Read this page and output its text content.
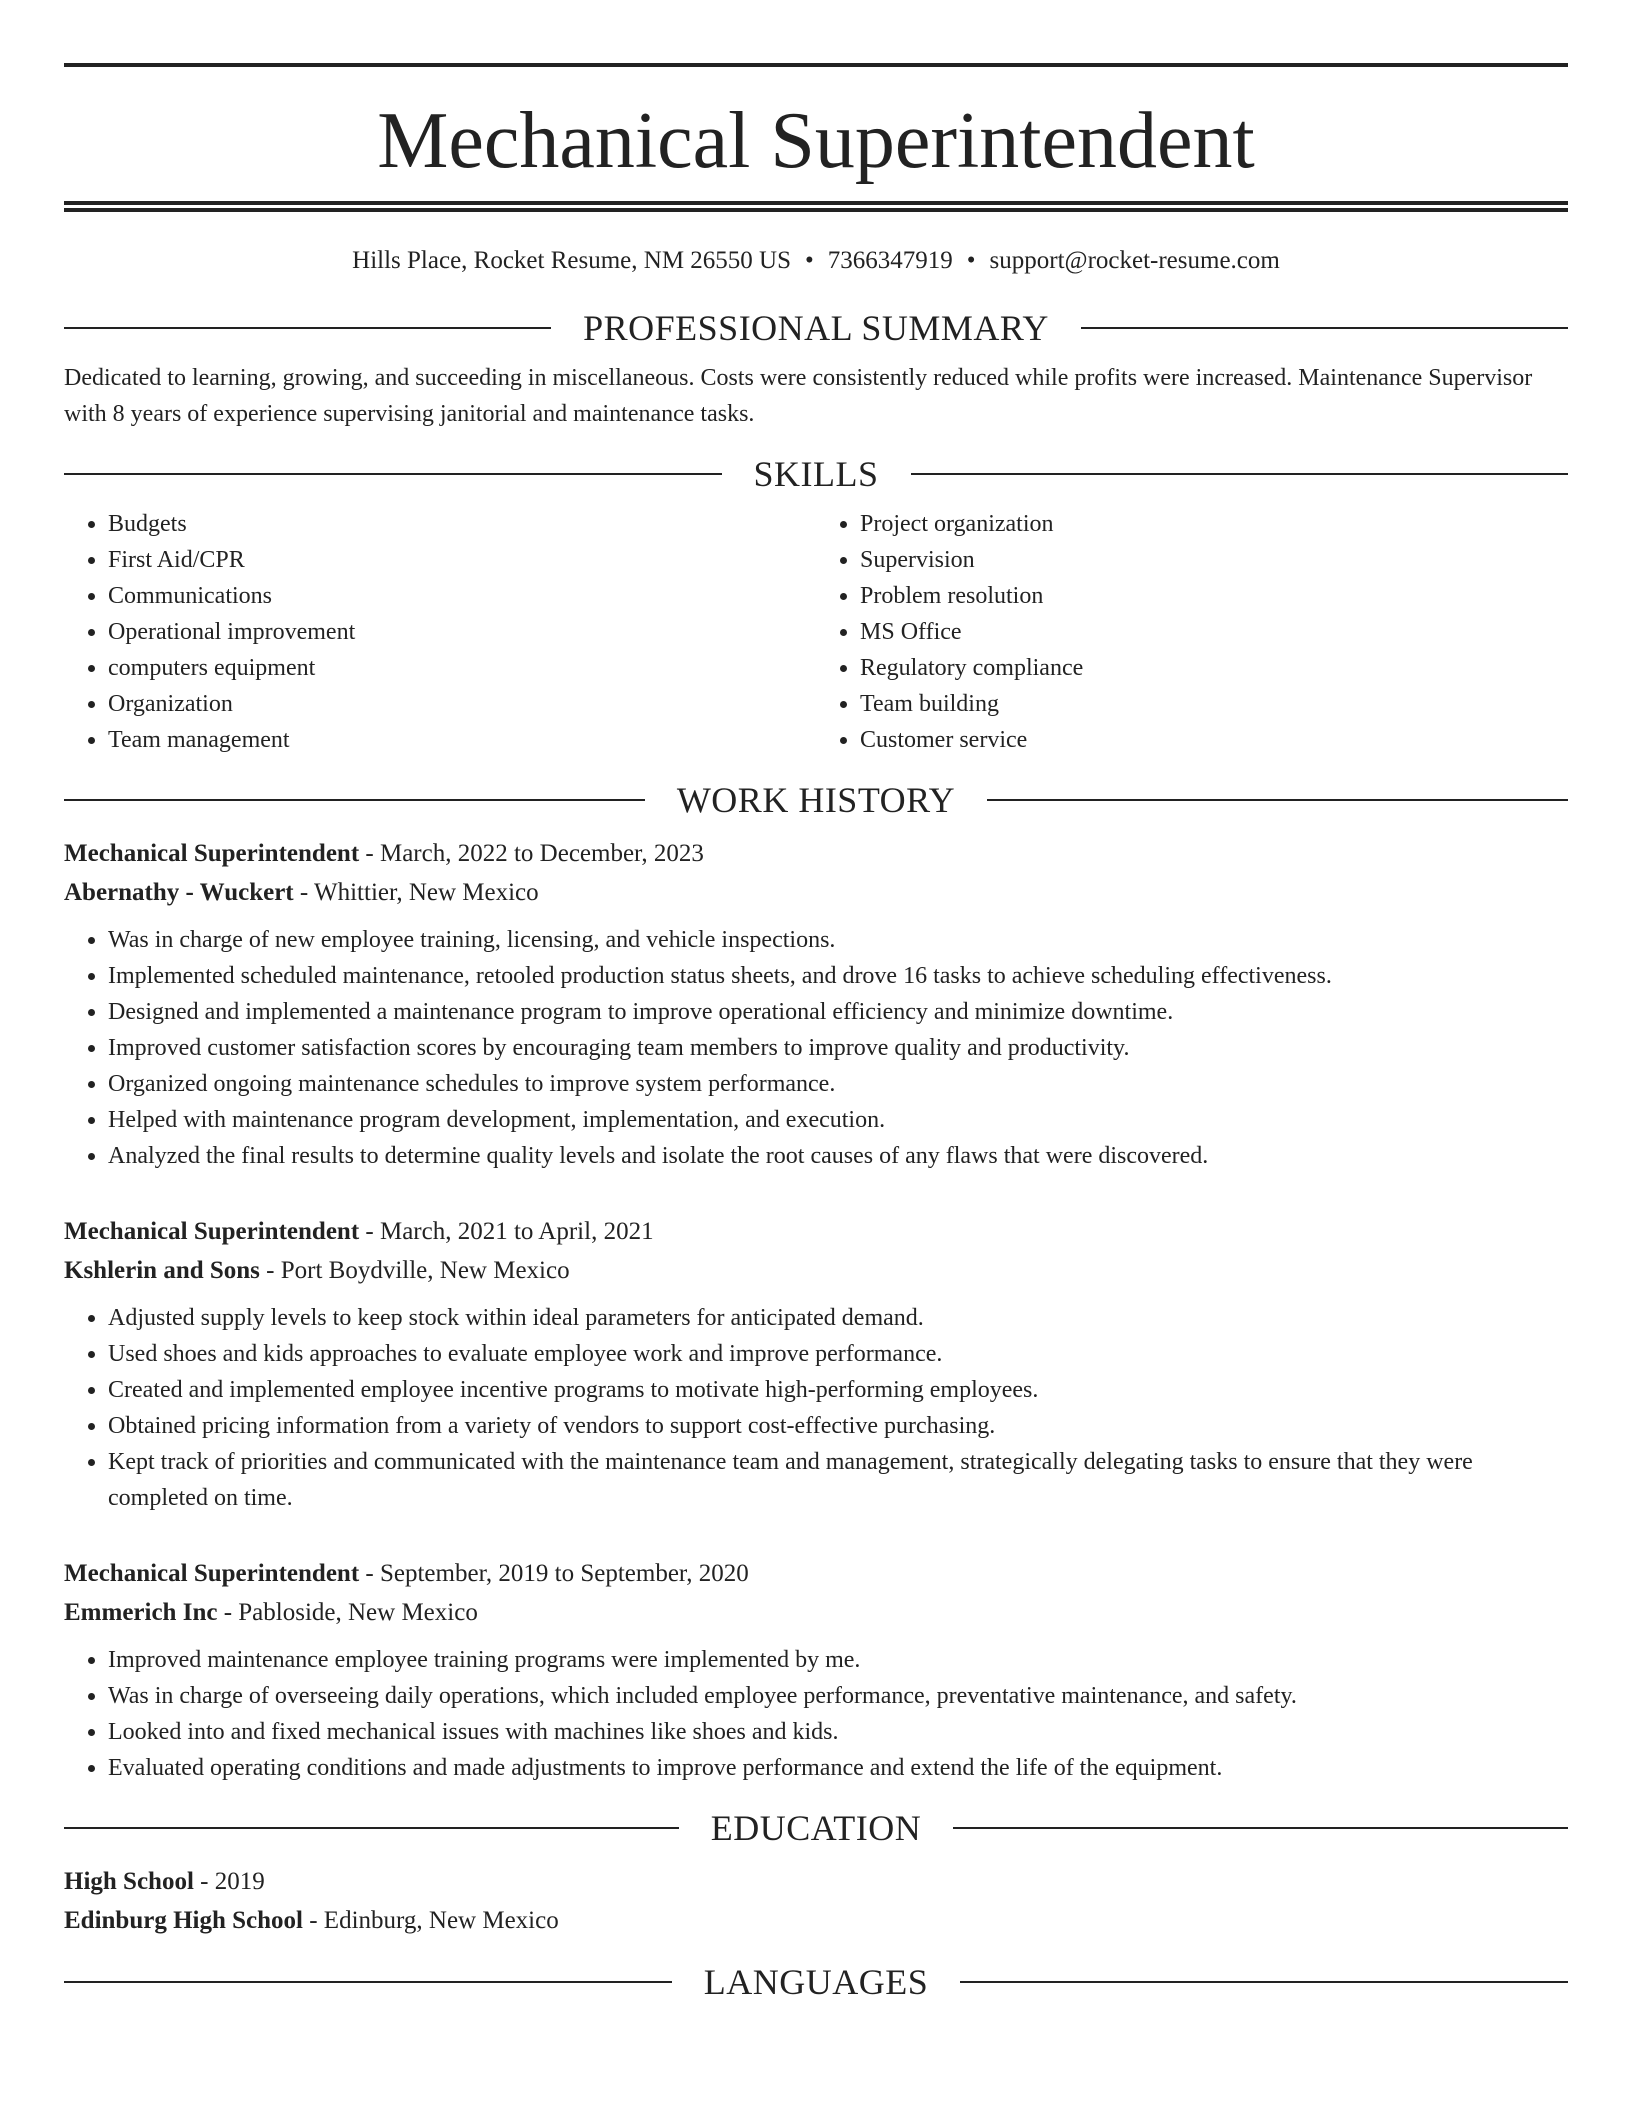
Mechanical Superintendent
Hills Place, Rocket Resume, NM 26550 US • 7366347919 • support@rocket-resume.com
PROFESSIONAL SUMMARY
Dedicated to learning, growing, and succeeding in miscellaneous. Costs were consistently reduced while profits were increased. Maintenance Supervisor with 8 years of experience supervising janitorial and maintenance tasks.
SKILLS
• Budgets
• First Aid/CPR
• Communications
• Operational improvement
• computers equipment
• Organization
• Team management
• Project organization
• Supervision
• Problem resolution
• MS Office
• Regulatory compliance
• Team building
• Customer service
WORK HISTORY
Mechanical Superintendent - March, 2022 to December, 2023
Abernathy - Wuckert - Whittier, New Mexico
• Was in charge of new employee training, licensing, and vehicle inspections.
• Implemented scheduled maintenance, retooled production status sheets, and drove 16 tasks to achieve scheduling effectiveness.
• Designed and implemented a maintenance program to improve operational efficiency and minimize downtime.
• Improved customer satisfaction scores by encouraging team members to improve quality and productivity.
• Organized ongoing maintenance schedules to improve system performance.
• Helped with maintenance program development, implementation, and execution.
• Analyzed the final results to determine quality levels and isolate the root causes of any flaws that were discovered.
Mechanical Superintendent - March, 2021 to April, 2021
Kshlerin and Sons - Port Boydville, New Mexico
• Adjusted supply levels to keep stock within ideal parameters for anticipated demand.
• Used shoes and kids approaches to evaluate employee work and improve performance.
• Created and implemented employee incentive programs to motivate high-performing employees.
• Obtained pricing information from a variety of vendors to support cost-effective purchasing.
• Kept track of priorities and communicated with the maintenance team and management, strategically delegating tasks to ensure that they were completed on time.
Mechanical Superintendent - September, 2019 to September, 2020
Emmerich Inc - Pabloside, New Mexico
• Improved maintenance employee training programs were implemented by me.
• Was in charge of overseeing daily operations, which included employee performance, preventative maintenance, and safety.
• Looked into and fixed mechanical issues with machines like shoes and kids.
• Evaluated operating conditions and made adjustments to improve performance and extend the life of the equipment.
EDUCATION
High School - 2019
Edinburg High School - Edinburg, New Mexico
LANGUAGES
